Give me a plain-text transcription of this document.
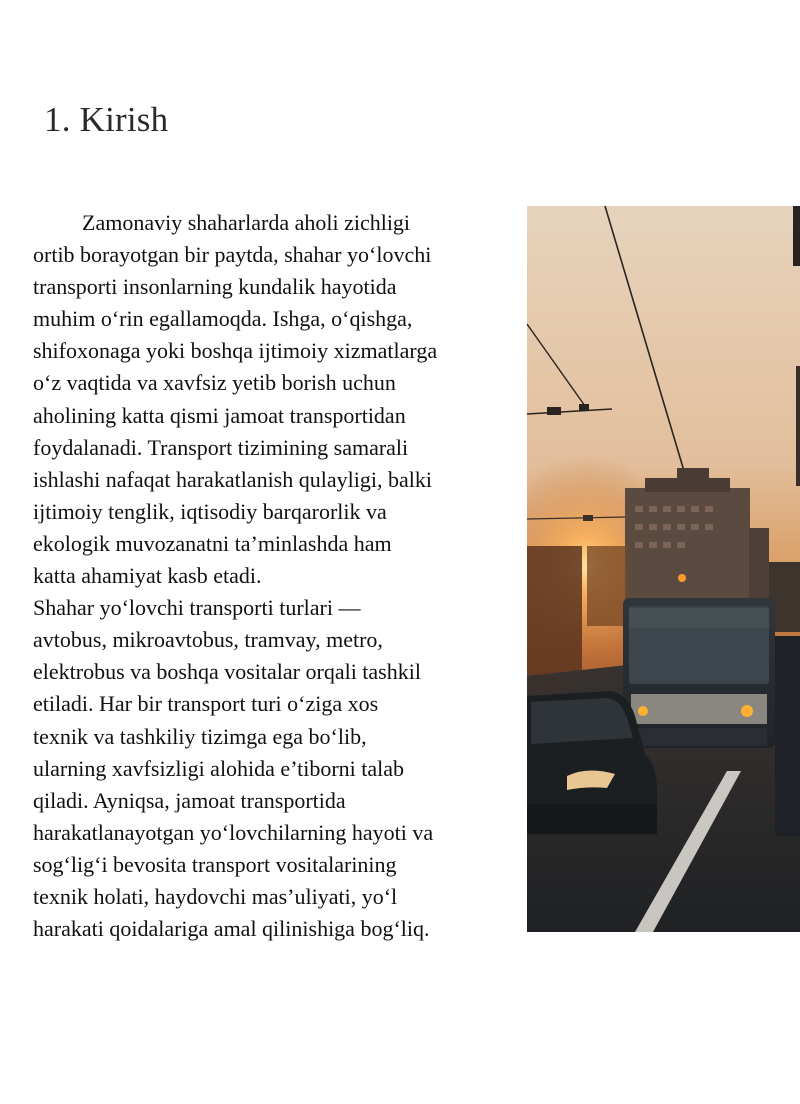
1. Kirish
Zamonaviy shaharlarda aholi zichligi
ortib borayotgan bir paytda, shahar yo‘lovchi
transporti insonlarning kundalik hayotida
muhim o‘rin egallamoqda. Ishga, o‘qishga,
shifoxonaga yoki boshqa ijtimoiy xizmatlarga
o‘z vaqtida va xavfsiz yetib borish uchun
aholining katta qismi jamoat transportidan
foydalanadi. Transport tizimining samarali
ishlashi nafaqat harakatlanish qulayligi, balki
ijtimoiy tenglik, iqtisodiy barqarorlik va
ekologik muvozanatni ta’minlashda ham
katta ahamiyat kasb etadi.
Shahar yo‘lovchi transporti turlari —
avtobus, mikroavtobus, tramvay, metro,
elektrobus va boshqa vositalar orqali tashkil
etiladi. Har bir transport turi o‘ziga xos
texnik va tashkiliy tizimga ega bo‘lib,
ularning xavfsizligi alohida e’tiborni talab
qiladi. Ayniqsa, jamoat transportida
harakatlanayotgan yo‘lovchilarning hayoti va
sog‘lig‘i bevosita transport vositalarining
texnik holati, haydovchi mas’uliyati, yo‘l
harakati qoidalariga amal qilinishiga bog‘liq.
